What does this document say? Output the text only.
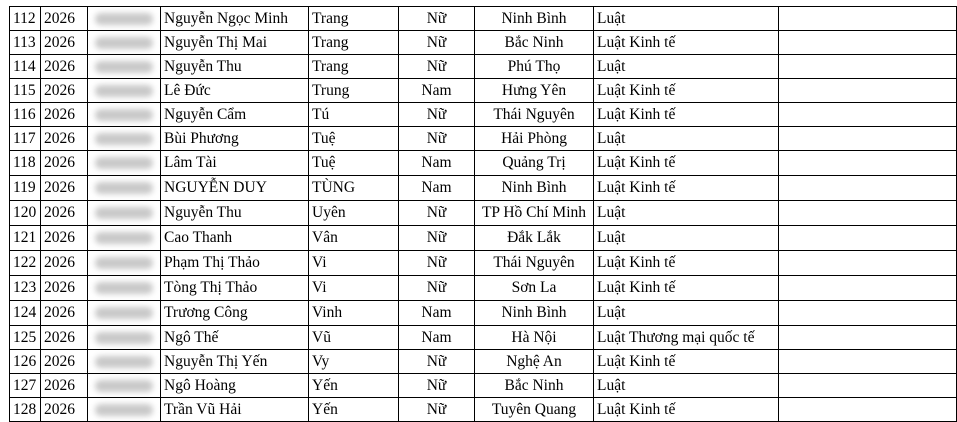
112	2026		Nguyễn Ngọc Minh	Trang	Nữ	Ninh Bình	Luật	
113	2026		Nguyễn Thị Mai	Trang	Nữ	Bắc Ninh	Luật Kinh tế	
114	2026		Nguyễn Thu	Trang	Nữ	Phú Thọ	Luật	
115	2026		Lê Đức	Trung	Nam	Hưng Yên	Luật Kinh tế	
116	2026		Nguyễn Cẩm	Tú	Nữ	Thái Nguyên	Luật Kinh tế	
117	2026		Bùi Phương	Tuệ	Nữ	Hải Phòng	Luật	
118	2026		Lâm Tài	Tuệ	Nam	Quảng Trị	Luật Kinh tế	
119	2026		NGUYỄN DUY	TÙNG	Nam	Ninh Bình	Luật Kinh tế	
120	2026		Nguyễn Thu	Uyên	Nữ	TP Hồ Chí Minh	Luật	
121	2026		Cao Thanh	Vân	Nữ	Đắk Lắk	Luật	
122	2026		Phạm Thị Thảo	Vi	Nữ	Thái Nguyên	Luật Kinh tế	
123	2026		Tòng Thị Thảo	Vi	Nữ	Sơn La	Luật Kinh tế	
124	2026		Trương Công	Vinh	Nam	Ninh Bình	Luật	
125	2026		Ngô Thế	Vũ	Nam	Hà Nội	Luật Thương mại quốc tế	
126	2026		Nguyễn Thị Yến	Vy	Nữ	Nghệ An	Luật Kinh tế	
127	2026		Ngô Hoàng	Yến	Nữ	Bắc Ninh	Luật	
128	2026		Trần Vũ Hải	Yến	Nữ	Tuyên Quang	Luật Kinh tế	
